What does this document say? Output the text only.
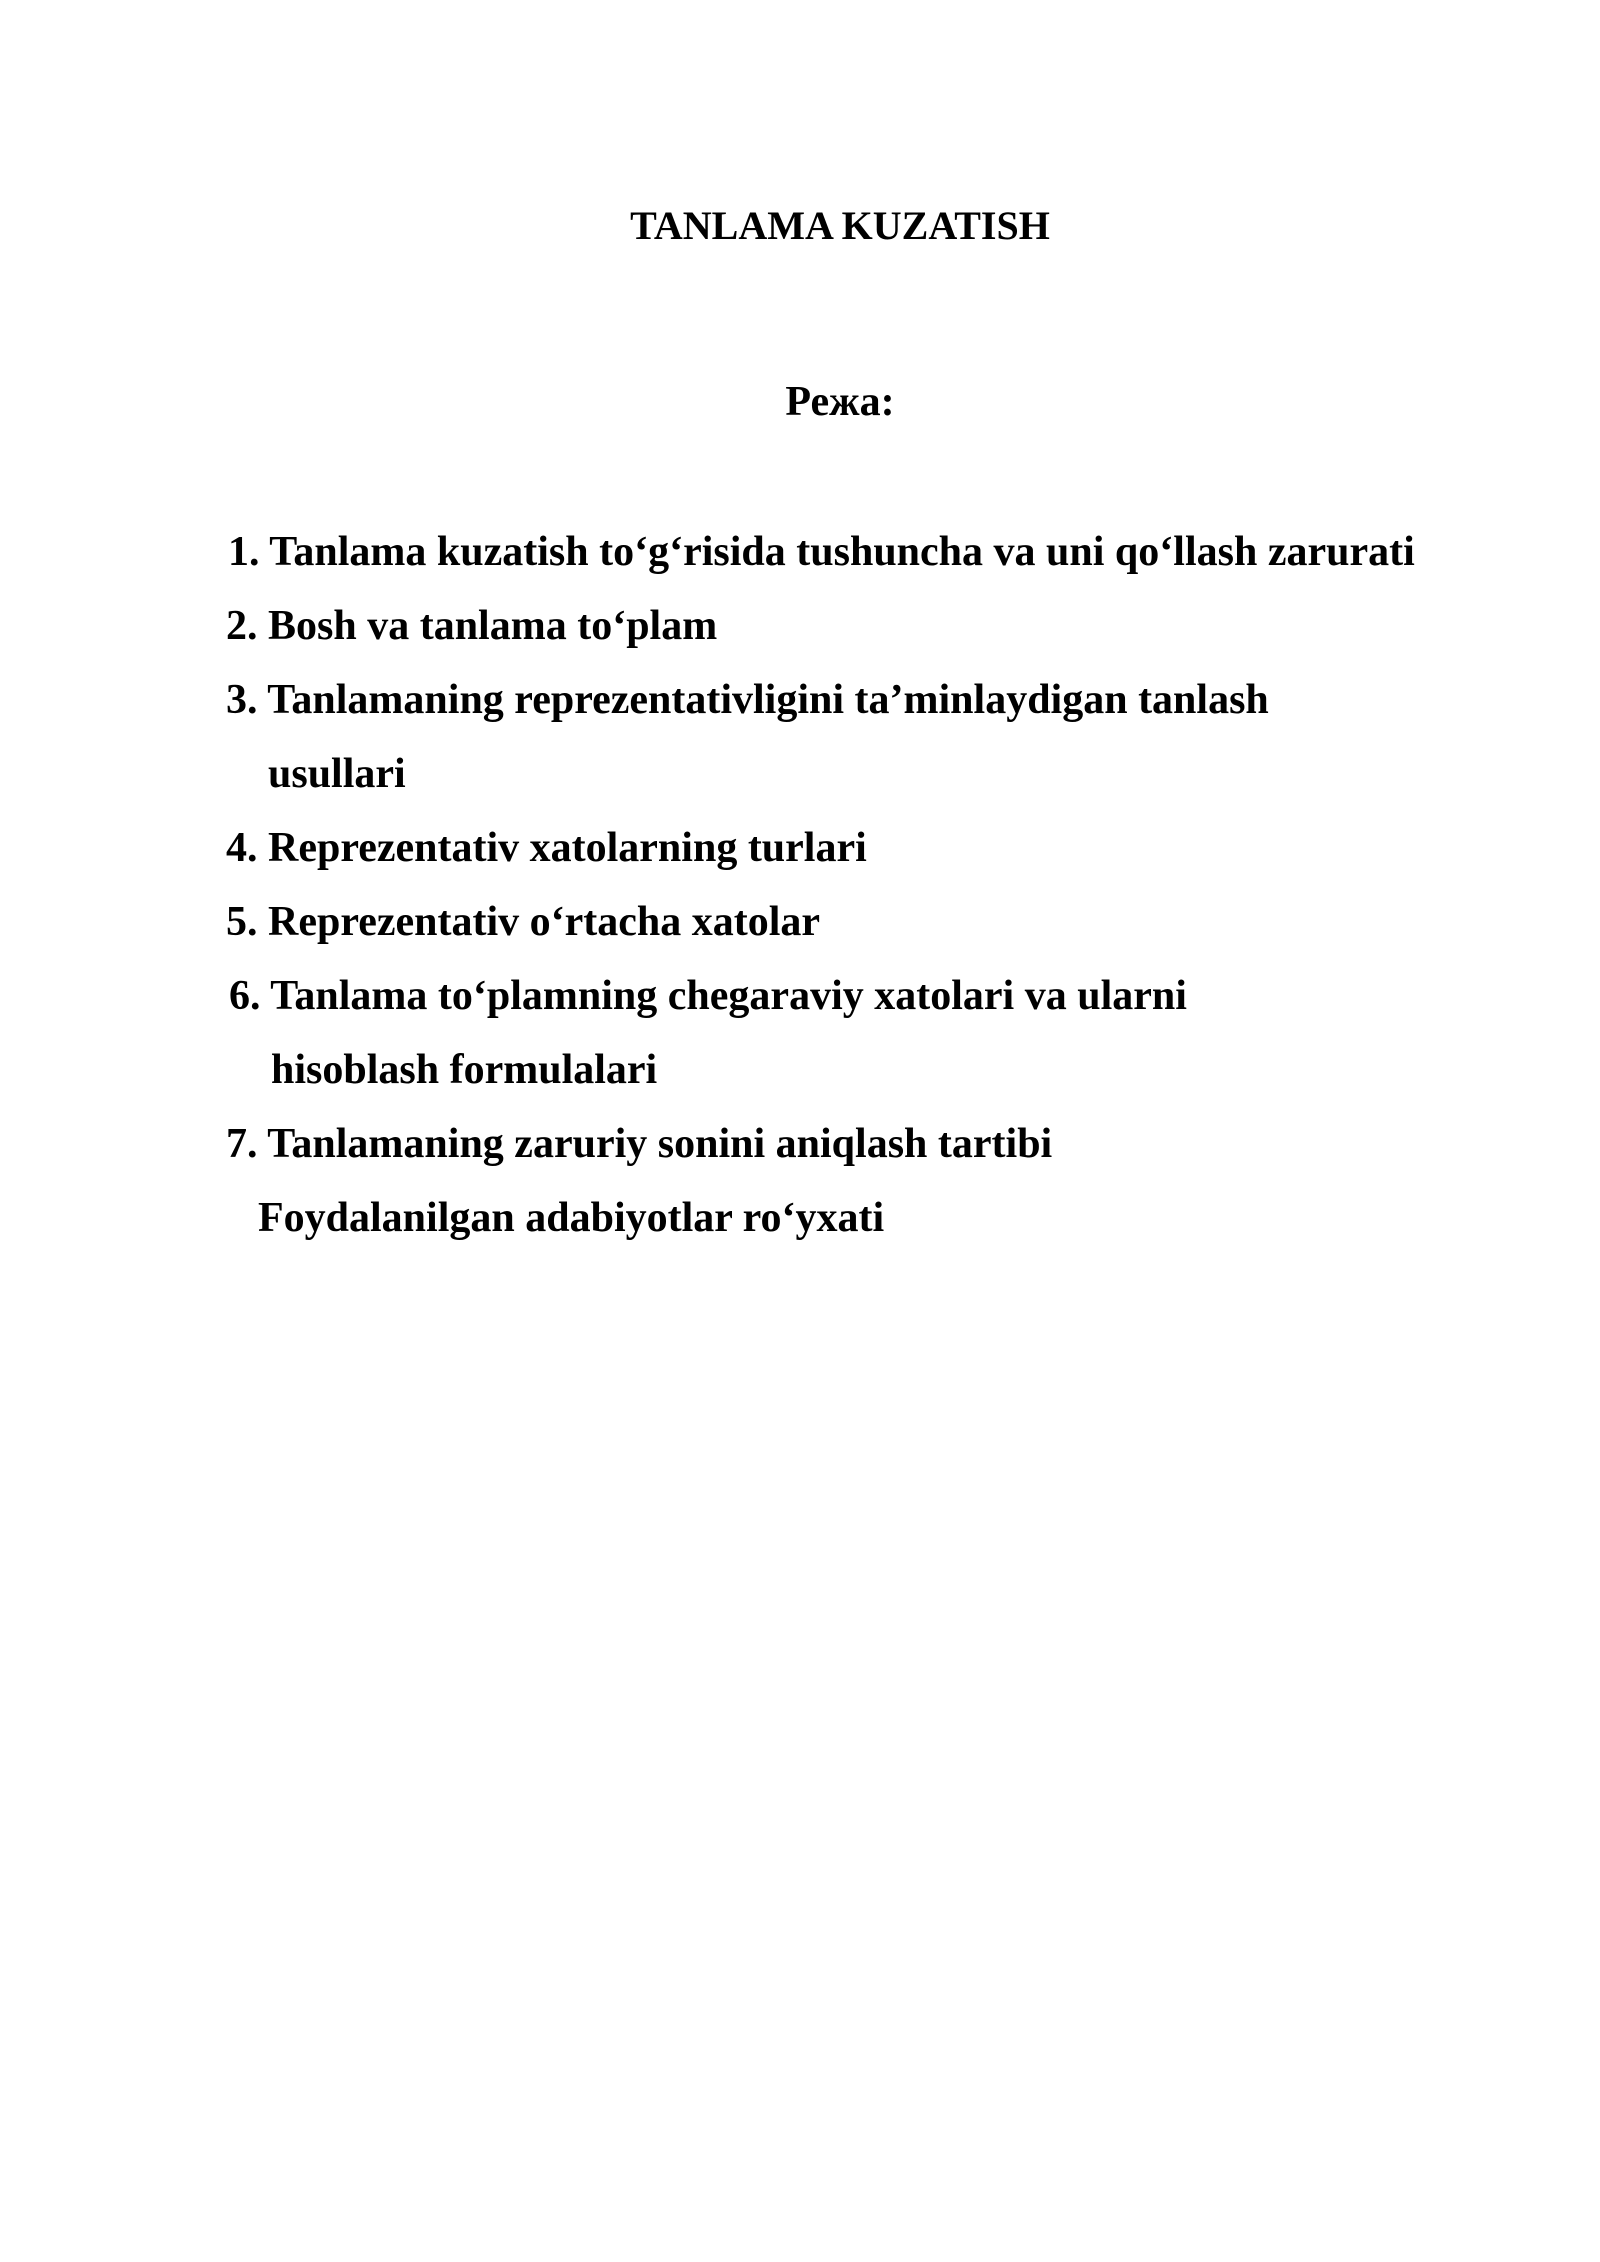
TANLAMA KUZATISH
Режа:
1. Tanlama kuzatish to‘g‘risida tushuncha va uni qo‘llash zarurati
2. Bosh va tanlama to‘plam
3. Tanlamaning reprezentativligini ta’minlaydigan tanlash
usullari
4. Reprezentativ xatolarning turlari
5. Reprezentativ o‘rtacha xatolar
6. Tanlama to‘plamning chegaraviy xatolari va ularni
hisoblash formulalari
7. Tanlamaning zaruriy sonini aniqlash tartibi
Foydalanilgan adabiyotlar ro‘yxati
